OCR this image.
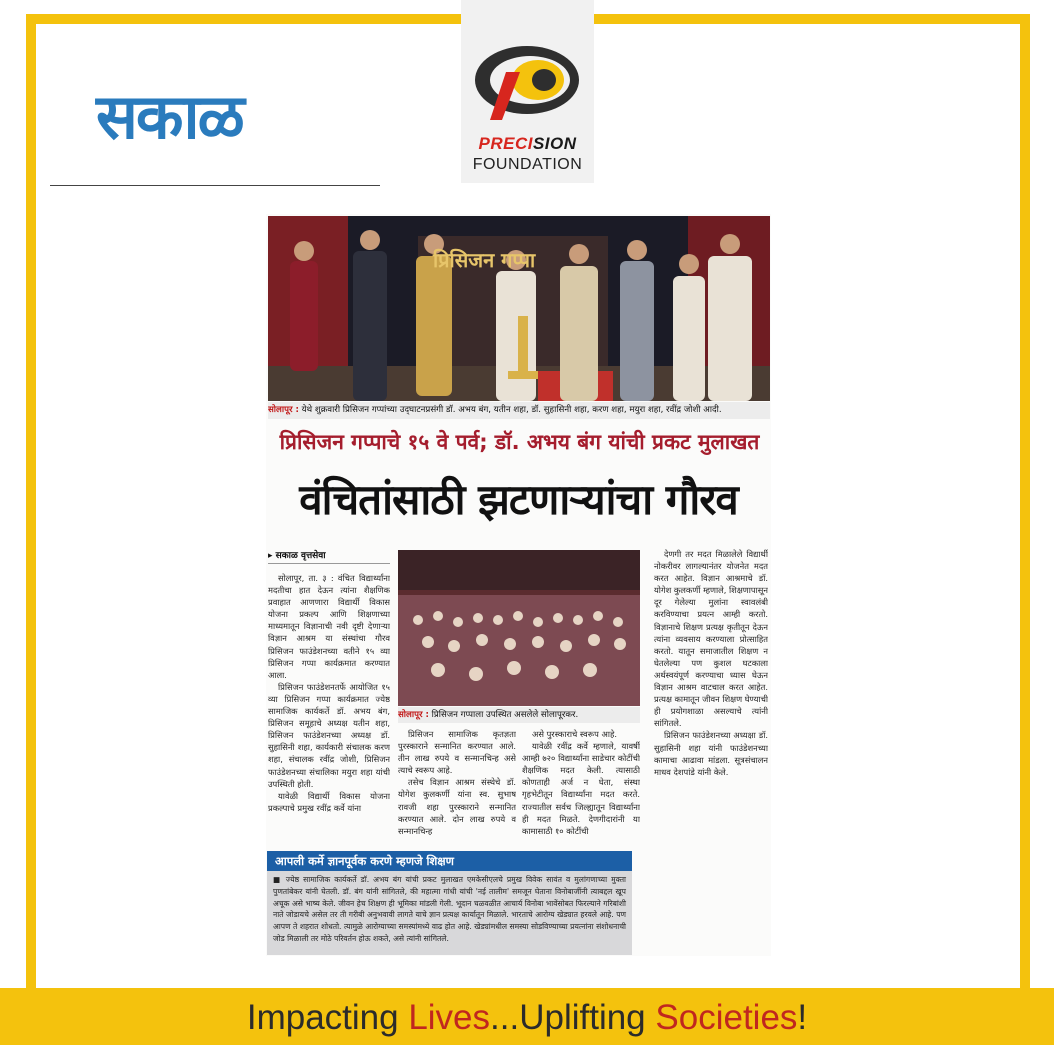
PRECISION
FOUNDATION
सकाळ
प्रिसिजन गप्पा
सोलापूर : येथे शुक्रवारी प्रिसिजन गप्पांच्या उद्‌घाटनप्रसंगी डॉ. अभय बंग, यतीन शहा, डॉ. सुहासिनी शहा, करण शहा, मयुरा शहा, रवींद्र जोशी आदी.
प्रिसिजन गप्पाचे १५ वे पर्व; डॉ. अभय बंग यांची प्रकट मुलाखत
वंचितांसाठी झटणाऱ्यांचा गौरव
▸ सकाळ वृत्तसेवा

सोलापूर, ता. ३ : वंचित विद्यार्थ्यांना मदतीचा हात देऊन त्यांना शैक्षणिक प्रवाहात आणणारा विद्यार्थी विकास योजना प्रकल्प आणि शिक्षणाच्या माध्यमातून विज्ञानाची नवी दृष्टी देणाऱ्या विज्ञान आश्रम या संस्थांचा गौरव प्रिसिजन फाउंडेशनच्या वतीने १५ व्या प्रिसिजन गप्पा कार्यक्रमात करण्यात आला.

प्रिसिजन फाउंडेशनतर्फे आयोजित १५ व्या प्रिसिजन गप्पा कार्यक्रमात ज्येष्ठ सामाजिक कार्यकर्ते डॉ. अभय बंग, प्रिसिजन समूहाचे अध्यक्ष यतीन शहा, प्रिसिजन फाउंडेशनच्या अध्यक्ष डॉ. सुहासिनी शहा, कार्यकारी संचालक करण शहा, संचालक रवींद्र जोशी, प्रिसिजन फाउंडेशनच्या संचालिका मयुरा शहा यांची उपस्थिती होती.

यावेळी विद्यार्थी विकास योजना प्रकल्पाचे प्रमुख रवींद्र कर्वे यांना

सोलापूर : प्रिसिजन गप्पाला उपस्थित असलेले सोलापूरकर.

प्रिसिजन सामाजिक कृतज्ञता पुरस्काराने सन्मानित करण्यात आले. तीन लाख रुपये व सन्मानचिन्ह असे त्याचे स्वरूप आहे.

तसेच विज्ञान आश्रम संस्थेचे डॉ. योगेश कुलकर्णी यांना स्व. सुभाष रावजी शहा पुरस्काराने सन्मानित करण्यात आले. दोन लाख रुपये व सन्मानचिन्ह

असे पुरस्काराचे स्वरूप आहे.

यावेळी रवींद्र कर्वे म्हणाले, यावर्षी आम्ही ७२० विद्यार्थ्यांना साडेचार कोटींची शैक्षणिक मदत केली. त्यासाठी कोणताही अर्ज न घेता, संस्था गृहभेटीतून विद्यार्थ्यांना मदत करते. राज्यातील सर्वच जिल्ह्यातून विद्यार्थ्यांना ही मदत मिळते. देणगीदारांनी या कामासाठी १० कोटींची

देणगी तर मदत मिळालेले विद्यार्थी नोकरीवर लागल्यानंतर योजनेत मदत करत आहेत. विज्ञान आश्रमाचे डॉ. योगेश कुलकर्णी म्हणाले, शिक्षणापासून दूर गेलेल्या मुलांना स्वावलंबी करविण्याचा प्रयत्न आम्ही करतो. विज्ञानाचे शिक्षण प्रत्यक्ष कृतीतून देऊन त्यांना व्यवसाय करण्याला प्रोत्साहित करतो. यातून समाजातील शिक्षण न घेतलेल्या पण कुशल घटकाला अर्थस्वयंपूर्ण करण्याचा ध्यास घेऊन विज्ञान आश्रम वाटचाल करत आहेत. प्रत्यक्ष कामातून जीवन शिक्षण घेण्याची ही प्रयोगशाळा असल्याचे त्यांनी सांगितले.

प्रिसिजन फाउंडेशनच्या अध्यक्षा डॉ. सुहासिनी शहा यांनी फाउंडेशनच्या कामाचा आढावा मांडला. सूत्रसंचालन माधव देशपांडे यांनी केले.

आपली कर्मे ज्ञानपूर्वक करणे म्हणजे शिक्षण
■ ज्येष्ठ सामाजिक कार्यकर्ते डॉ. अभय बंग यांची प्रकट मुलाखत एमकेसीएलचे प्रमुख विवेक सावंत व मुलांगणाच्या मुक्ता पुणतांबेकर यांनी घेतली. डॉ. बंग यांनी सांगितले, की महात्मा गांधी यांची 'नई तालीम' समजून घेताना विनोबाजींनी त्याबद्दल खूप अचूक असे भाष्य केले. जीवन हेच शिक्षण ही भूमिका मांडली गेली. भूदान चळवळीत आचार्य विनोबा भावेंसोबत फिरल्याने गरिबांशी नाते जोडायचे असेल तर ती गरीबी अनुभवावी लागते याचे ज्ञान प्रत्यक्ष कार्यातून मिळाले. भारताचे आरोग्य खेड्यात हरवले आहे. पण आपण ते शहरात शोधतो. त्यामुळे आरोग्याच्या समस्यांमध्ये वाढ होत आहे. खेड्यांमधील समस्या सोडविण्याच्या प्रयत्नांना संशोधनाची जोड मिळाली तर मोठे परिवर्तन होऊ शकते, असे त्यांनी सांगितले.
Impacting Lives...Uplifting Societies!
